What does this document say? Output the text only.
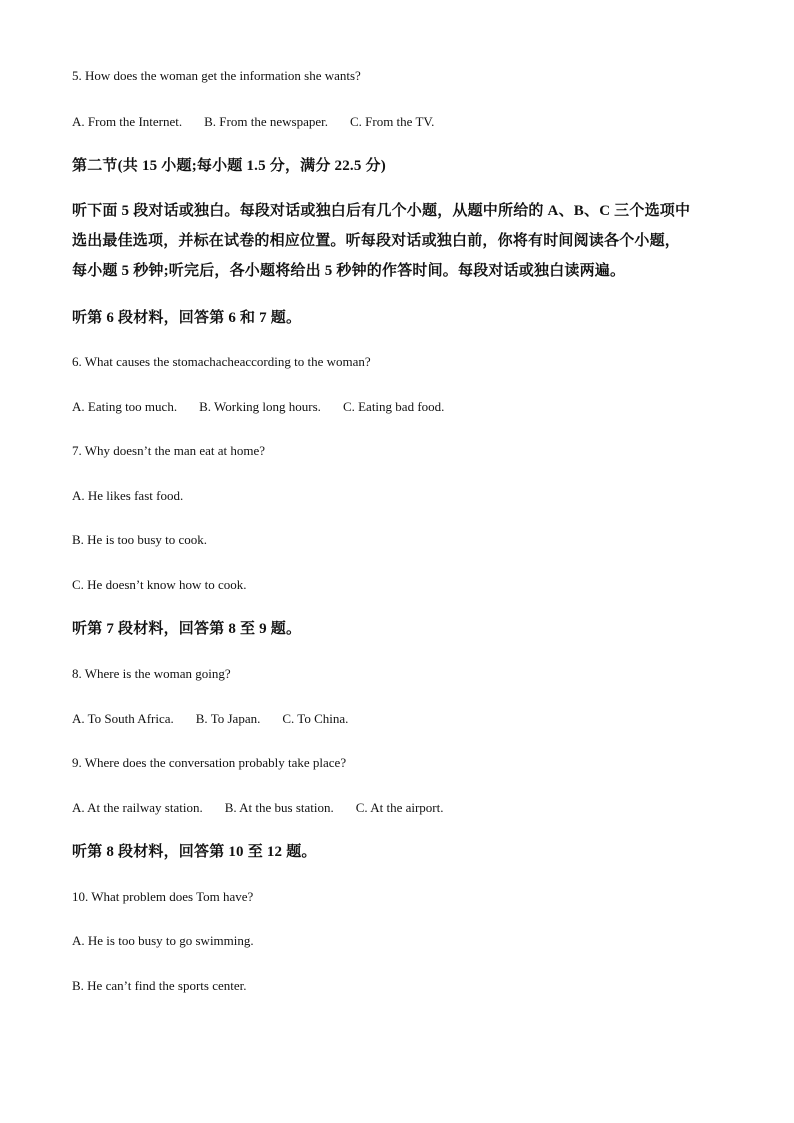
5. How does the woman get the information she wants?
A. From the Internet. B. From the newspaper. C. From the TV.
第二节(共 15 小题;每小题 1.5 分，满分 22.5 分)
听下面 5 段对话或独白。每段对话或独白后有几个小题，从题中所给的 A、B、C 三个选项中
选出最佳选项，并标在试卷的相应位置。听每段对话或独白前，你将有时间阅读各个小题，
每小题 5 秒钟;听完后，各小题将给出 5 秒钟的作答时间。每段对话或独白读两遍。
听第 6 段材料，回答第 6 和 7 题。
6. What causes the stomachacheaccording to the woman?
A. Eating too much. B. Working long hours. C. Eating bad food.
7. Why doesn’t the man eat at home?
A. He likes fast food.
B. He is too busy to cook.
C. He doesn’t know how to cook.
听第 7 段材料，回答第 8 至 9 题。
8. Where is the woman going?
A. To South Africa. B. To Japan. C. To China.
9. Where does the conversation probably take place?
A. At the railway station. B. At the bus station. C. At the airport.
听第 8 段材料，回答第 10 至 12 题。
10. What problem does Tom have?
A. He is too busy to go swimming.
B. He can’t find the sports center.
